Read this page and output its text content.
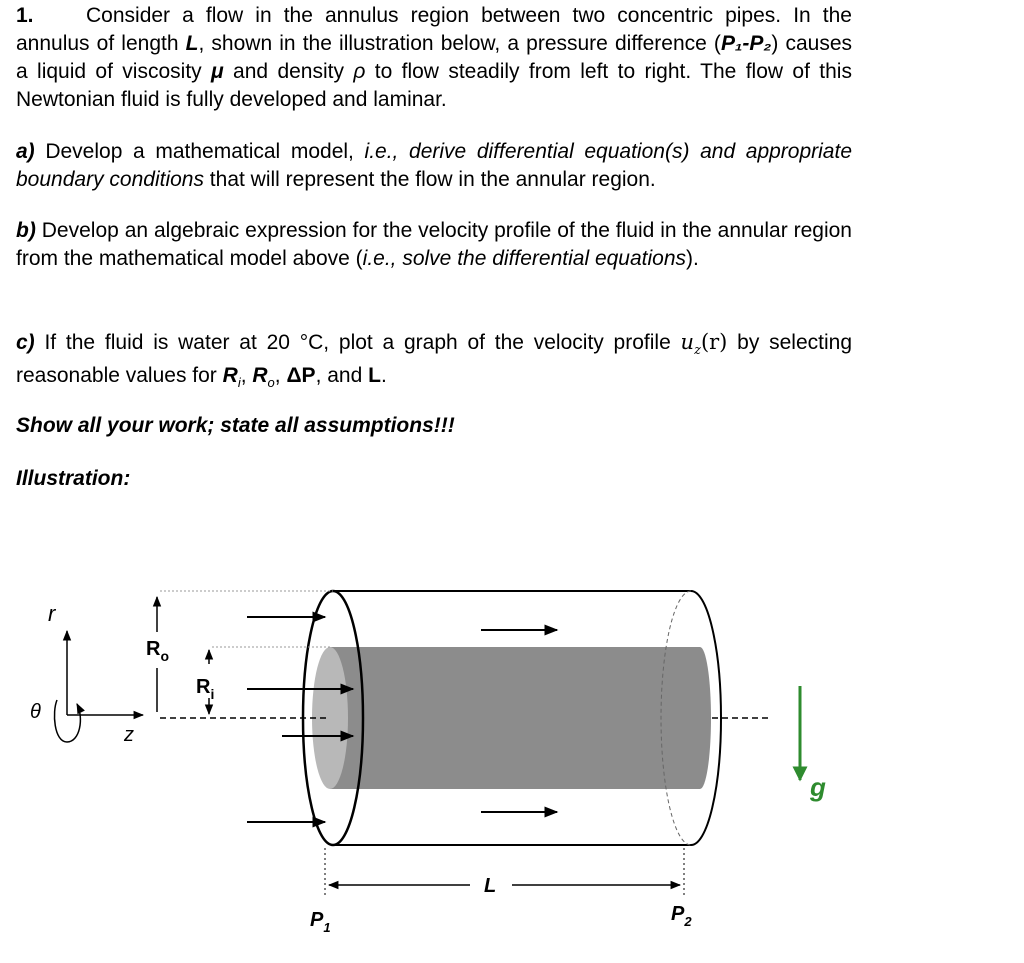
1. Consider a flow in the annulus region between two concentric pipes. In the annulus of length L, shown in the illustration below, a pressure difference (P₁-P₂) causes a liquid of viscosity μ and density ρ to flow steadily from left to right. The flow of this Newtonian fluid is fully developed and laminar.

a) Develop a mathematical model, i.e., derive differential equation(s) and appropriate boundary conditions that will represent the flow in the annular region.

b) Develop an algebraic expression for the velocity profile of the fluid in the annular region from the mathematical model above (i.e., solve the differential equations).

c) If the fluid is water at 20 °C, plot a graph of the velocity profile $u_z(r)$ by selecting reasonable values for $R_i$, $R_o$, ΔP, and L.

Show all your work; state all assumptions!!!

Illustration:

$R_o$
$R_i$
r
θ
z
g
L
$P_1$
$P_2$
